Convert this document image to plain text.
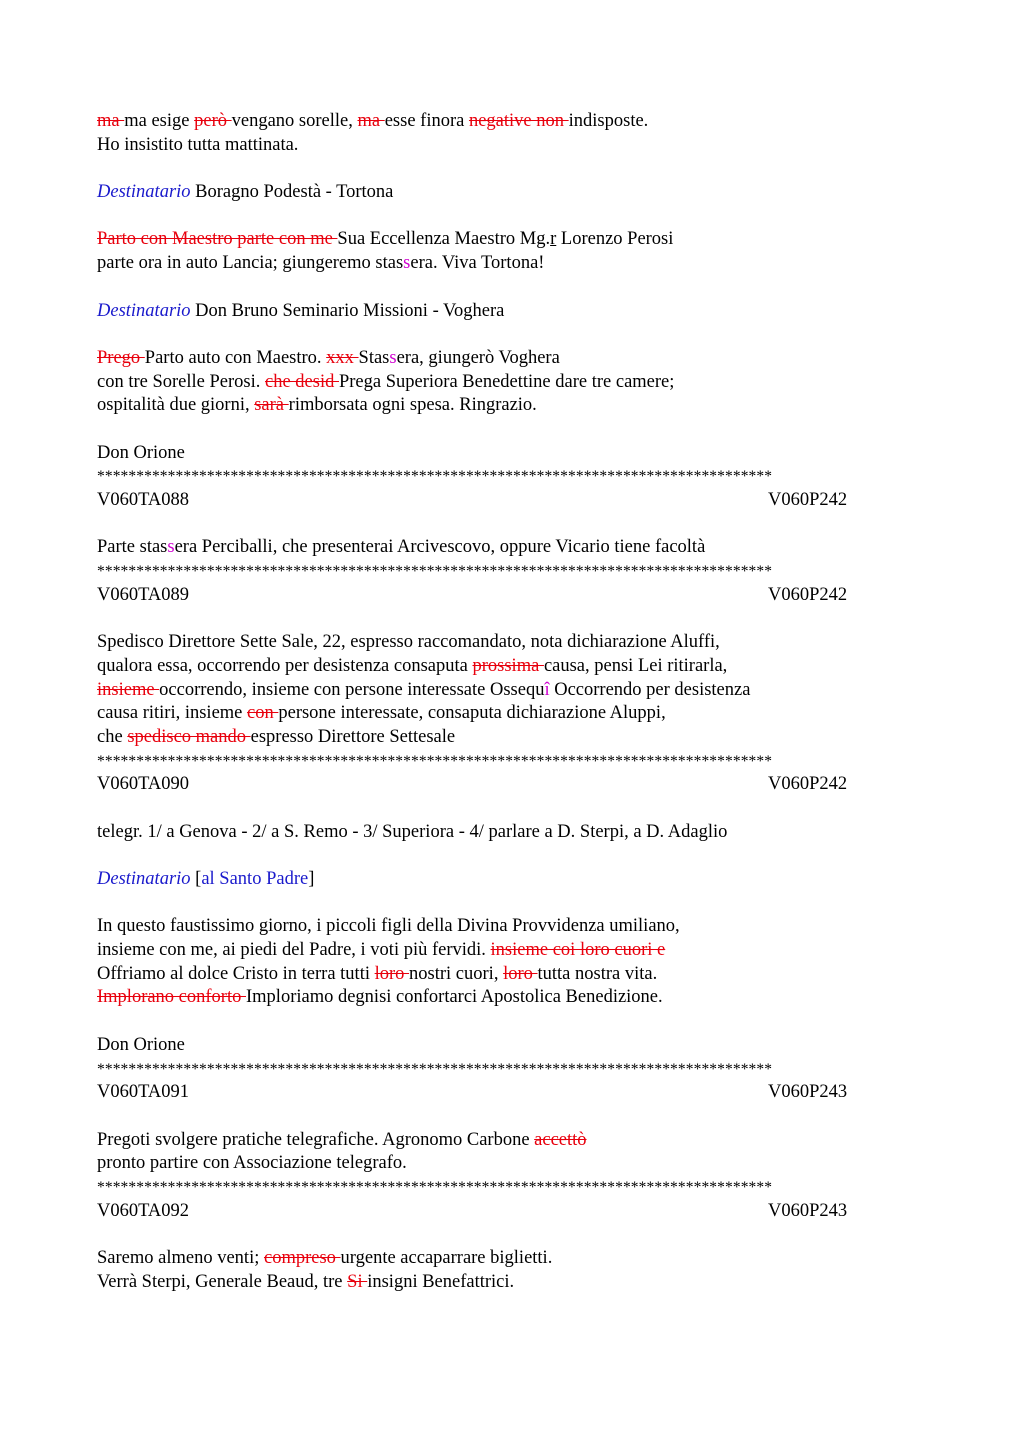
ma ma esige però vengano sorelle, ma esse finora negative non indisposte.
Ho insistito tutta mattinata.
Destinatario Boragno Podestà - Tortona
Parto con Maestro parte con me Sua Eccellenza Maestro Mg.r Lorenzo Perosi
parte ora in auto Lancia; giungeremo stassera. Viva Tortona!
Destinatario Don Bruno Seminario Missioni - Voghera
Prego Parto auto con Maestro. xxx Stassera, giungerò Voghera
con tre Sorelle Perosi. che desid Prega Superiora Benedettine dare tre camere;
ospitalità due giorni, sarà rimborsata ogni spesa. Ringrazio.
Don Orione
**************************************************************************************
V060TA088	V060P242
Parte stassera Perciballi, che presenterai Arcivescovo, oppure Vicario tiene facoltà
**************************************************************************************
V060TA089	V060P242
Spedisco Direttore Sette Sale, 22, espresso raccomandato, nota dichiarazione Aluffi,
qualora essa, occorrendo per desistenza consaputa prossima causa, pensi Lei ritirarla,
insieme occorrendo, insieme con persone interessate Ossequî Occorrendo per desistenza
causa ritiri, insieme con persone interessate, consaputa dichiarazione Aluppi,
che spedisco mando espresso Direttore Settesale
**************************************************************************************
V060TA090	V060P242
telegr. 1/ a Genova - 2/ a S. Remo - 3/ Superiora - 4/ parlare a D. Sterpi, a D. Adaglio
Destinatario [al Santo Padre]
In questo faustissimo giorno, i piccoli figli della Divina Provvidenza umiliano,
insieme con me, ai piedi del Padre, i voti più fervidi. insieme coi loro cuori e
Offriamo al dolce Cristo in terra tutti loro nostri cuori, loro tutta nostra vita.
Implorano conforto Imploriamo degnisi confortarci Apostolica Benedizione.
Don Orione
**************************************************************************************
V060TA091	V060P243
Pregoti svolgere pratiche telegrafiche. Agronomo Carbone accettò
pronto partire con Associazione telegrafo.
**************************************************************************************
V060TA092	V060P243
Saremo almeno venti; compreso urgente accaparrare biglietti.
Verrà Sterpi, Generale Beaud, tre Si insigni Benefattrici.
